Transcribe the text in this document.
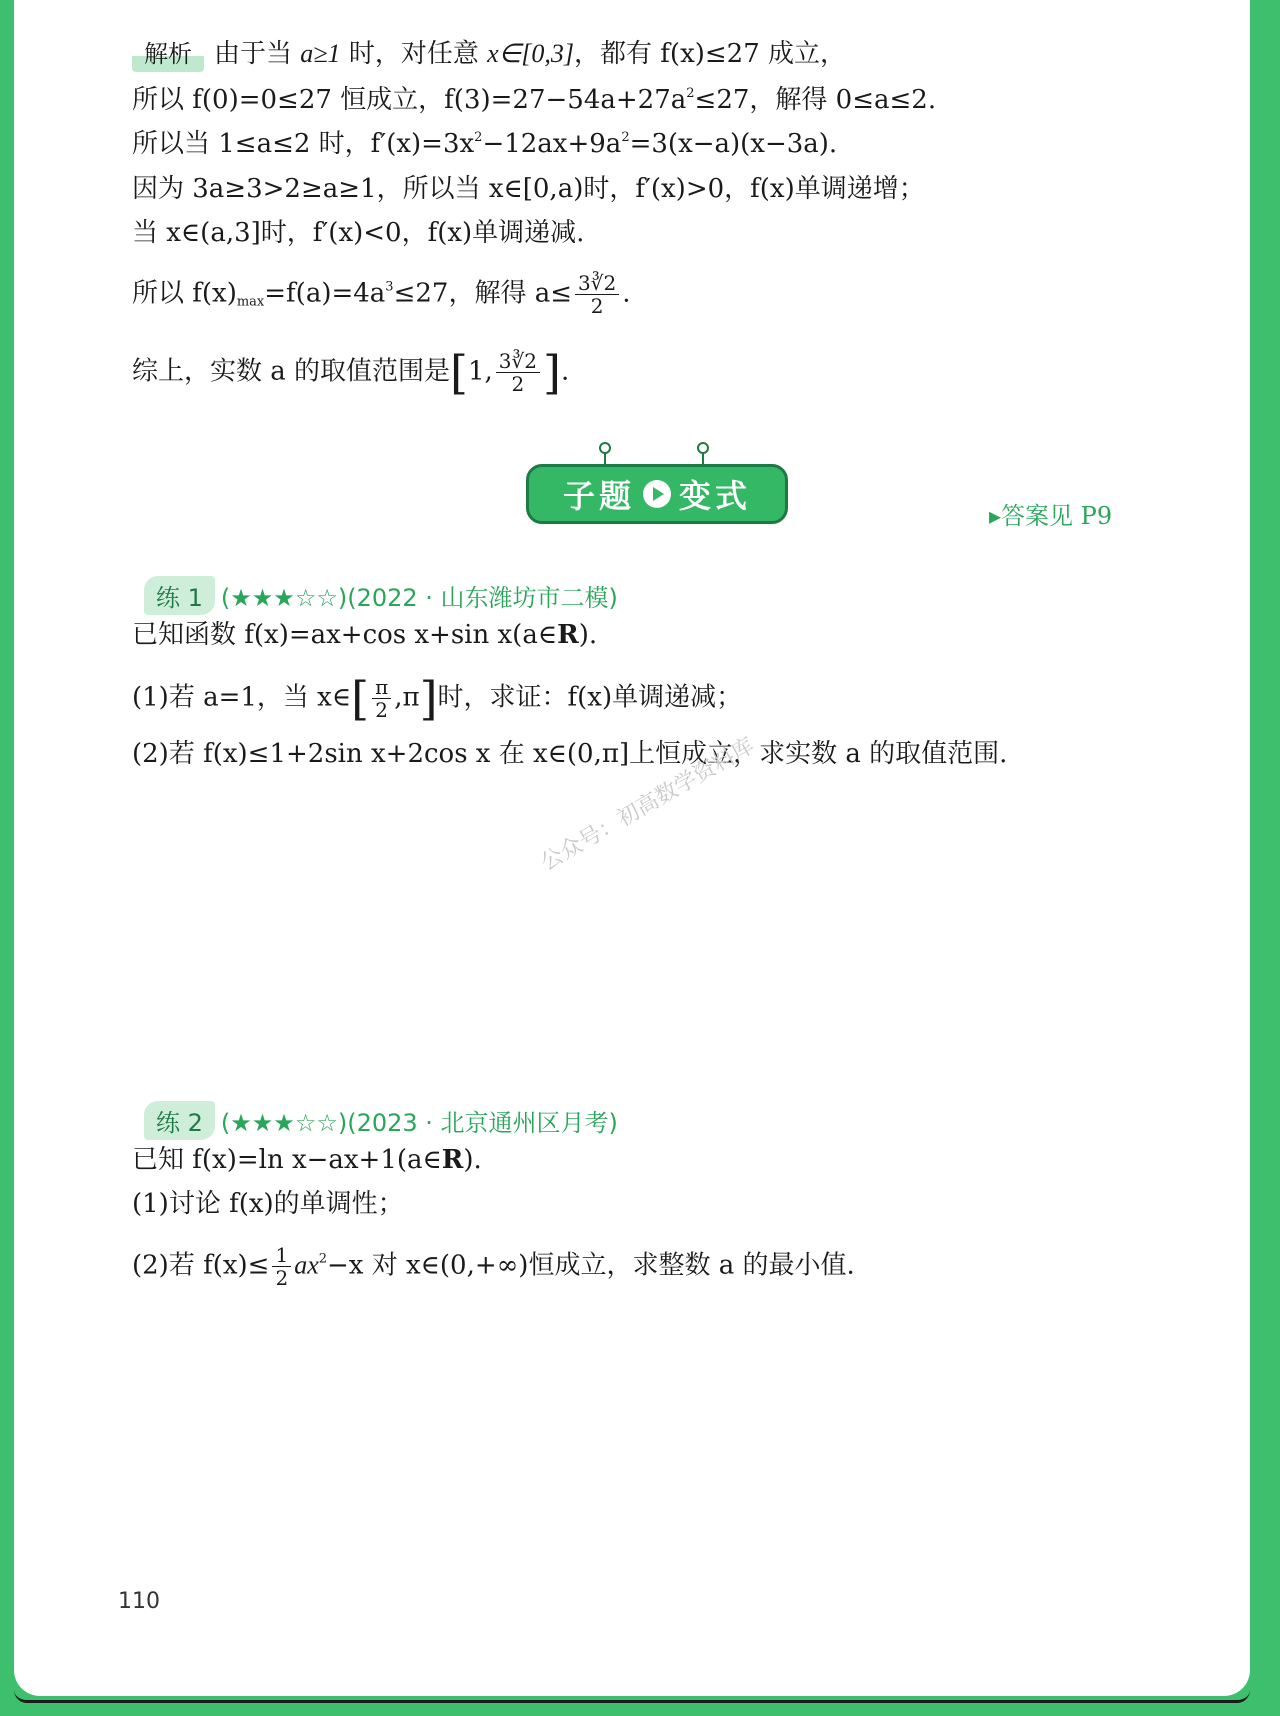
解析 由于当 a≥1 时，对任意 x∈[0,3]，都有 f(x)≤27 成立，
所以 f(0)=0≤27 恒成立，$f(3)=27-54a+27a^2\le 27$，解得 0≤a≤2.
所以当 1≤a≤2 时，$f'(x)=3x^2-12ax+9a^2=3(x-a)(x-3a)$.
因为 3a≥3>2≥a≥1，所以当 x∈[0,a)时，f′(x)>0，f(x)单调递增；
当 x∈(a,3]时，f′(x)<0，f(x)单调递减.
所以 $f(x)_{max}=f(a)=4a^3\le 27$，解得 $a\le \frac{3∛2}{2}$ .
综上，实数 a 的取值范围是[1, $\frac{3∛2}{2}$ ].
子题 变式
▸答案见 P9
练 1 (★★★☆☆)(2022 · 山东潍坊市二模)
已知函数 f(x)=ax+cos x+sin x(a∈R).
(1)若 a=1，当 x∈[ $\frac{\pi}{2} ,\pi$]时，求证：f(x)单调递减；
(2)若 f(x)≤1+2sin x+2cos x 在 x∈(0,π]上恒成立，求实数 a 的取值范围.
公众号：初高数学资料库
练 2 (★★★☆☆)(2023 · 北京通州区月考)
已知 f(x)=ln x−ax+1(a∈R).
(1)讨论 f(x)的单调性；
(2)若 $f(x)\le \frac{1}{2} ax^2-x$ 对 x∈(0,+∞)恒成立，求整数 a 的最小值.
110
